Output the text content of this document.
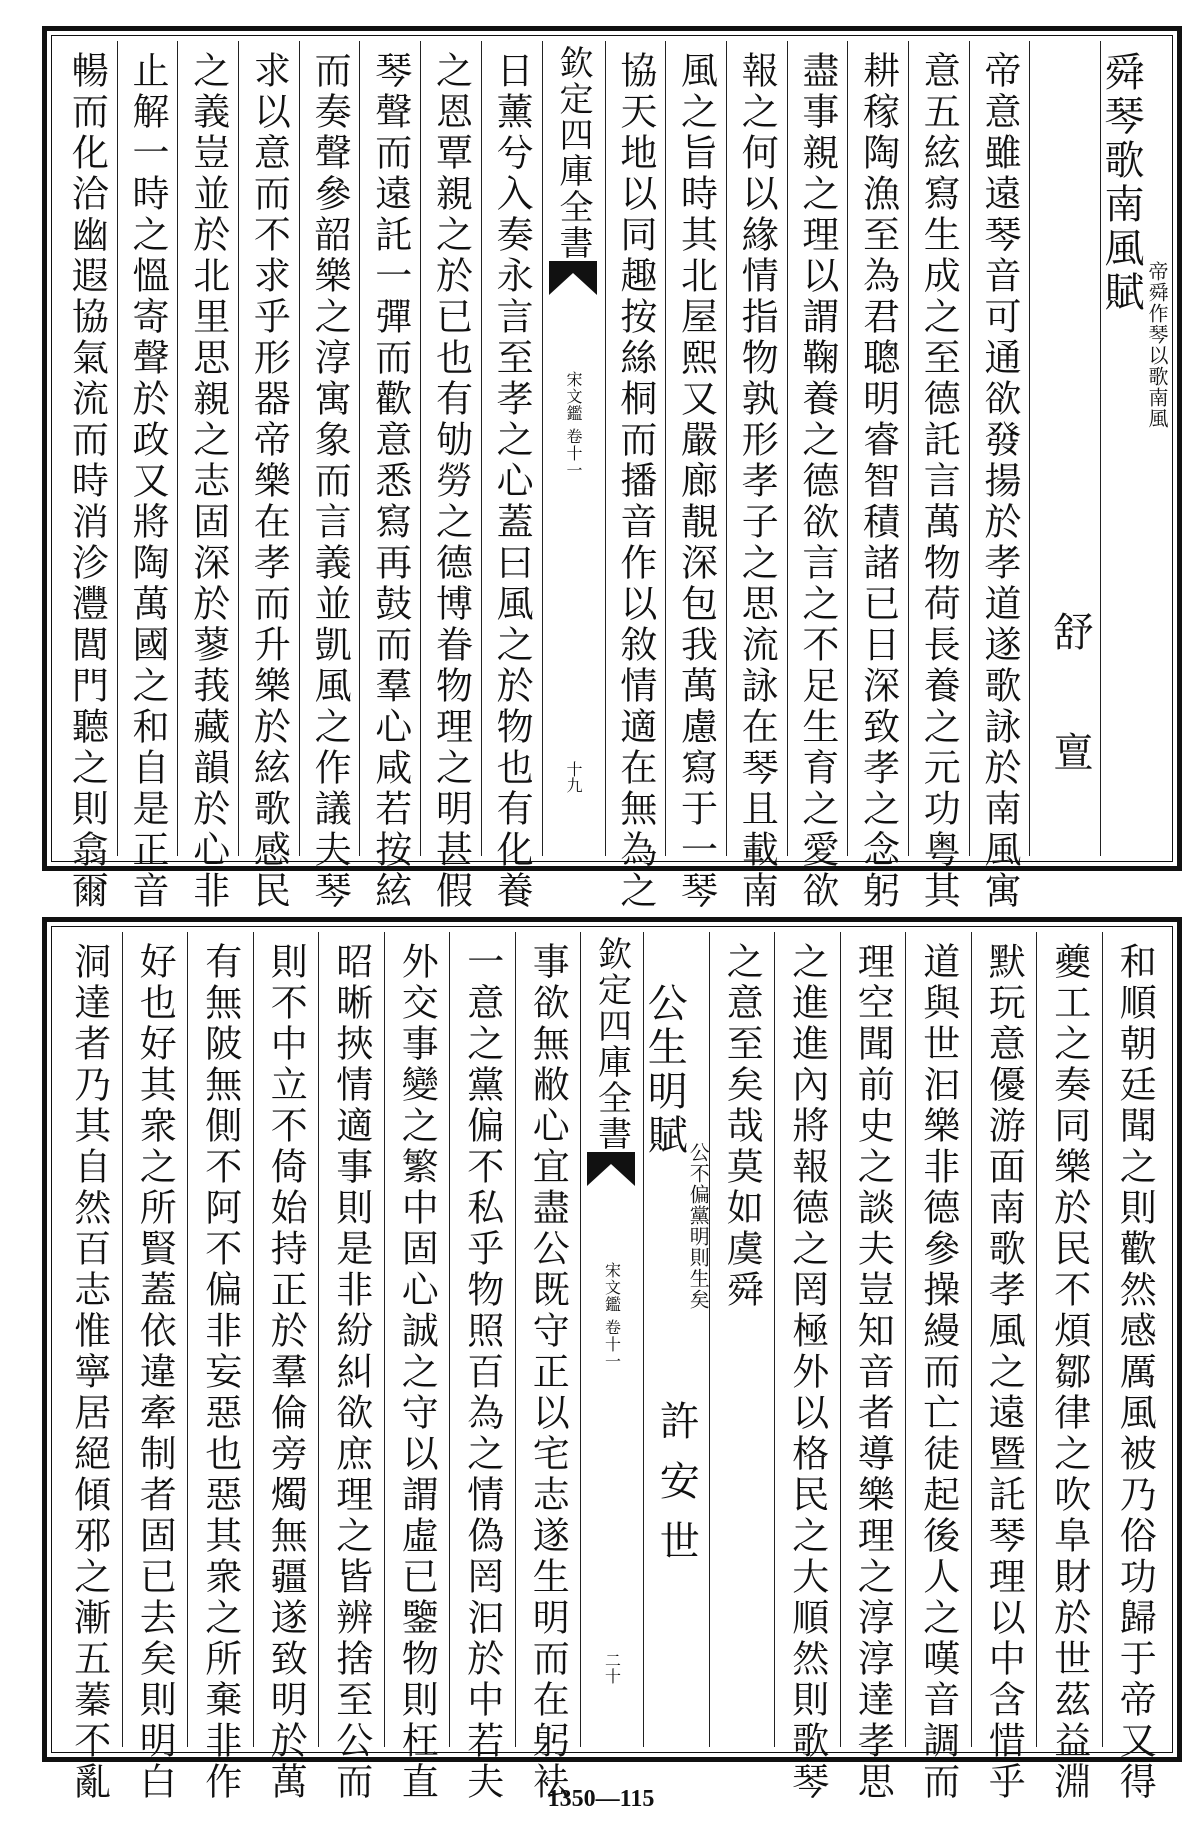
舜琴歌南風賦
帝舜作琴以歌南風
舒　亶
帝意雖遠琴音可通欲發揚於孝道遂歌詠於南風寓
意五絃寫生成之至德託言萬物荷長養之元功粤其
耕稼陶漁至為君聰明睿智積諸已日深致孝之念躬
盡事親之理以謂鞠養之德欲言之不足生育之愛欲
報之何以緣情指物孰形孝子之思流詠在琴且載南
風之旨時其北屋熙又嚴廊靚深包我萬慮寫于一琴
協天地以同趣按絲桐而播音作以敘情適在無為之
欽定四庫全書
宋文鑑 卷十一
十九
日薰兮入奏永言至孝之心蓋曰風之於物也有化養
之恩覃親之於已也有劬勞之德博眷物理之明甚假
琴聲而遠託一彈而歡意悉寫再鼓而羣心咸若按絃
而奏聲參韶樂之淳寓象而言義並凱風之作議夫琴
求以意而不求乎形器帝樂在孝而升樂於絃歌感民
之義豈並於北里思親之志固深於蓼莪藏韻於心非
止解一時之慍寄聲於政又將陶萬國之和自是正音
暢而化洽幽遐協氣流而時消沴灃閭門聽之則翕爾
和順朝廷聞之則歡然感厲風被乃俗功歸于帝又得
夔工之奏同樂於民不煩鄒律之吹阜財於世茲益淵
默玩意優游面南歌孝風之遠暨託琴理以中含惜乎
道與世汩樂非德參操縵而亡徒起後人之嘆音調而
理空聞前史之談夫豈知音者導樂理之淳淳達孝思
之進進內將報德之罔極外以格民之大順然則歌琴
之意至矣哉莫如虞舜
公生明賦
公不偏黨明則生矣
許安世
欽定四庫全書
宋文鑑 卷十一
二十
事欲無敝心宜盡公既守正以宅志遂生明而在躬袪
一意之黨偏不私乎物照百為之情偽罔汩於中若夫
外交事變之繁中固心誠之守以謂虛已鑒物則枉直
昭晰挾情適事則是非紛糾欲庶理之皆辨捨至公而
則不中立不倚始持正於羣倫旁燭無疆遂致明於萬
有無陂無側不阿不偏非妄惡也惡其衆之所棄非作
好也好其衆之所賢蓋依違牽制者固已去矣則明白
洞達者乃其自然百志惟寧居絕傾邪之漸五蓁不亂	1350—115
